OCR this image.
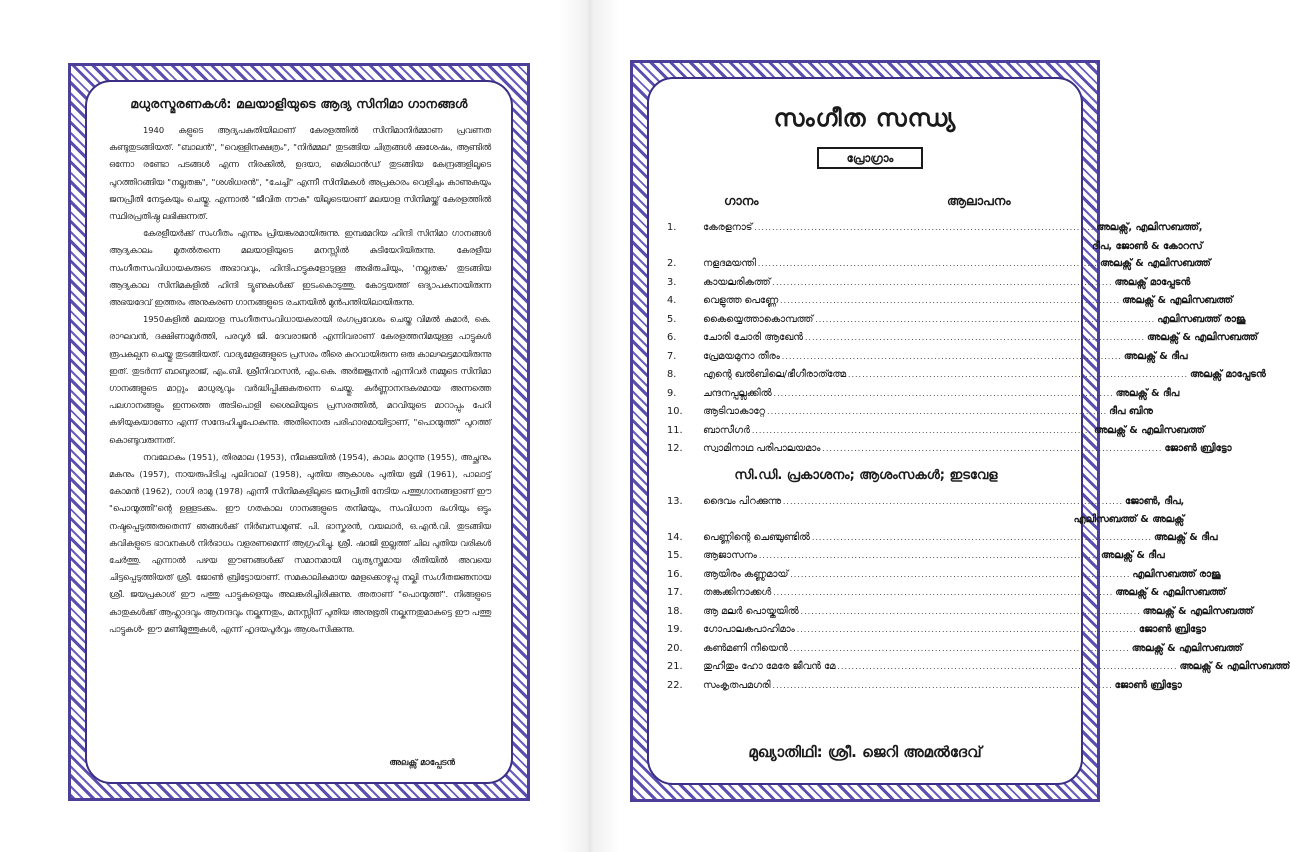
മധുരസ്മരണകൾ: മലയാളിയുടെ ആദ്യ സിനിമാ ഗാനങ്ങൾ

1940 കളുടെ ആദ്യപകുതിയിലാണ് കേരളത്തിൽ സിനിമാനിർമ്മാണ പ്രവണത കണ്ടുതുടങ്ങിയത്. "ബാലൻ", "വെള്ളിനക്ഷത്രം", "നിർമ്മല" തുടങ്ങിയ ചിത്രങ്ങൾ ക്കുശേഷം, ആണ്ടിൽ ഒന്നോ രണ്ടോ പടങ്ങൾ എന്ന നിരക്കിൽ, ഉദയാ, മെരിലാൻഡ് തുടങ്ങിയ കേന്ദ്രങ്ങളിലൂടെ പുറത്തിറങ്ങിയ "നല്ലതങ്ക", "ശശിധരൻ", "ചേച്ചി" എന്നീ സിനിമകൾ അപ്രകാരം വെളിച്ചം കാണുകയും ജനപ്രീതി നേടുകയും ചെയ്തു. എന്നാൽ "ജീവിത നൗക" യിലൂടെയാണ് മലയാള സിനിമയ്ക്ക് കേരളത്തിൽ സ്ഥിരപ്രതിഷ്ഠ ലഭിക്കുന്നത്.

കേരളീയർക്ക് സംഗീതം എന്നും പ്രിയങ്കരമായിരുന്നു. ഇമ്പമേറിയ ഹിന്ദി സിനിമാ ഗാനങ്ങൾ ആദ്യകാലം മുതൽതന്നെ മലയാളിയുടെ മനസ്സിൽ കുടിയേറിയിരുന്നു. കേരളീയ സംഗീതസംവിധായകരുടെ അഭാവവും, ഹിന്ദിപാട്ടുകളോടുള്ള അഭിരുചിയും, 'നല്ലതങ്ക' തുടങ്ങിയ ആദ്യകാല സിനിമകളിൽ ഹിന്ദി ട്യൂണുകൾക്ക് ഇടംകൊടുത്തു. കോട്ടയത്ത് ഒദ്യാപകനായിരുന്ന അഭയദേവ് ഇത്തരം അനുകരണ ഗാനങ്ങളുടെ രചനയിൽ മുൻപന്തിയിലായിരുന്നു.

1950കളിൽ മലയാള സംഗീതസംവിധായകരായി രംഗപ്രവേശം ചെയ്ത വിമൽ കുമാർ, കെ. രാഘവൻ, ദക്ഷിണാമൂർത്തി, പരവൂർ ജി. ദേവരാജൻ എന്നിവരാണ് കേരളത്തനിമയുള്ള പാട്ടുകൾ രൂപകല്പന ചെയ്തു തുടങ്ങിയത്. വാദ്യമേളങ്ങളുടെ പ്രസരം തീരെ കുറവായിരുന്ന ഒരു കാലഘട്ടമായിരുന്നു ഇത്. തുടർന്ന് ബാബുരാജ്, എം.ബി. ശ്രീനിവാസൻ, എം.കെ. അർജ്ജുനൻ എന്നിവർ നമ്മുടെ സിനിമാ ഗാനങ്ങളുടെ മാറ്റും മാധുര്യവും വർദ്ധിപ്പിക്കുകതന്നെ ചെയ്തു. കർണ്ണാനന്ദകരമായ അന്നത്തെ പലഗാനങ്ങളും ഇന്നത്തെ അടിപൊളി ശൈലിയുടെ പ്രസരത്തിൽ, മറവിയുടെ മാറാപ്പും പേറി കഴിയുകയാണോ എന്ന് സന്ദേഹിച്ചുപോകുന്നു. അതിനൊരു പരിഹാരമായിട്ടാണ്, "പൊന്മുത്ത്" പുറത്ത് കൊണ്ടുവരുന്നത്.

നവലോകം (1951), തിരമാല (1953), നീലക്കുയിൽ (1954), കാലം മാറുന്നു (1955), അച്ഛനും മകനും (1957), നായരുപിടിച്ച പുലിവാല് (1958), പുതിയ ആകാശം പുതിയ ഭൂമി (1961), പാലാട്ട് കോമൻ (1962), റാഗി രാമു (1978) എന്നീ സിനിമകളിലൂടെ ജനപ്രീതി നേടിയ പത്തുഗാനങ്ങളാണ് ഈ "പൊന്മുത്തി"ന്റെ ഉള്ളടക്കം. ഈ ഗതകാല ഗാനങ്ങളുടെ തനിമയും, സംവിധാന ഭംഗിയും ഒട്ടും നഷ്ടപ്പെടുത്തരുതെന്ന് ഞങ്ങൾക്ക് നിർബന്ധമുണ്ട്. പി. ഭാസ്കരൻ, വയലാർ, ഒ.എൻ.വി. തുടങ്ങിയ കവികളുടെ ഭാവനകൾ നിർഭാധം വളരണമെന്ന് ആഗ്രഹിച്ചു. ശ്രീ. ഷാജി ഇല്ലത്ത് ചില പുതിയ വരികൾ ചേർത്തു. എന്നാൽ പഴയ ഈണങ്ങൾക്ക് സമാനമായി വ്യത്യസ്തമായ രീതിയിൽ അവയെ ചിട്ടപ്പെടുത്തിയത് ശ്രീ. ജോൺ ബ്രിട്ടോയാണ്. സമകാലികമായ മേളക്കൊഴുപ്പു നല്കി സംഗീതജ്ഞനായ ശ്രീ. ജയപ്രകാശ് ഈ പത്തു പാട്ടുകളെയും അലങ്കരിച്ചിരിക്കുന്നു. അതാണ് "പൊന്മുത്ത്". നിങ്ങളുടെ കാതുകൾക്ക് ആഹ്ലാദവും ആനന്ദവും നല്കുന്നതും, മനസ്സിന് പുതിയ അനുഭൂതി നല്കുന്നതുമാകട്ടെ ഈ പത്തു പാട്ടുകൾ- ഈ മണിമുത്തുകൾ, എന്ന് ഹൃദയപൂർവ്വം ആശംസിക്കുന്നു.

അലക്സ് മാപ്പേടൻ
സംഗീത സന്ധ്യ
പ്രോഗ്രാം
ഗാനം	ആലാപനം
1.	കേരളനാട് ................................................................................................ അലക്സ്, എലിസബത്ത്,
ദീപ, ജോൺ & കോറസ്
2.	നളദമയന്തി ................................................................................................ അലക്സ് & എലിസബത്ത്
3.	കായലരികത്ത് ................................................................................................ അലക്സ് മാപ്പേടൻ
4.	വെളുത്ത പെണ്ണേ ................................................................................................ അലക്സ് & എലിസബത്ത്
5.	കൈയ്യെത്താകൊമ്പത്ത് ................................................................................................ എലിസബത്ത് രാജു
6.	ചോരി ചോരി ആഖേൻ ................................................................................................ അലക്സ് & എലിസബത്ത്
7.	പ്രേമയമുനാ തീരം ................................................................................................ അലക്സ് & ദീപ
8.	എന്റെ ഖൽബിലെ/ഭീഗീരാത്ത്മേ ................................................................................................ അലക്സ് മാപ്പേടൻ
9.	ചന്ദനപ്പല്ലക്കിൽ ................................................................................................ അലക്സ് & ദീപ
10.	ആടിവാകാറ്റേ ................................................................................................ ദീപ ബിനു
11.	ബാസീഗർ ................................................................................................ അലക്സ് & എലിസബത്ത്
12.	സ്വാമിനാഥ പരിപാലയമാം ................................................................................................ ജോൺ ബ്രിട്ടോ
സി.ഡി. പ്രകാശനം; ആശംസകൾ; ഇടവേള
13.	ദൈവം പിറക്കുന്നു ................................................................................................ ജോൺ, ദീപ,
എലിസബത്ത് & അലക്സ്
14.	പെണ്ണിന്റെ ചെഞ്ചുണ്ടിൽ ................................................................................................ അലക്സ് & ദീപ
15.	ആജാസനം ................................................................................................ അലക്സ് & ദീപ
16.	ആയിരം കണ്ണുമായ് ................................................................................................ എലിസബത്ത് രാജു
17.	തങ്കക്കിനാക്കൾ ................................................................................................ അലക്സ് & എലിസബത്ത്
18.	ആ മലർ പൊയ്കയിൽ ................................................................................................ അലക്സ് & എലിസബത്ത്
19.	ഗോപാലകപാഹിമാം ................................................................................................ ജോൺ ബ്രിട്ടോ
20.	കൺമണി നീയെൻ ................................................................................................ അലക്സ് & എലിസബത്ത്
21.	തുഹീതും ഹോ മേരേ ജീവൻ മേ ................................................................................................ അലക്സ് & എലിസബത്ത്
22.	സംകൃതപമഗരി ................................................................................................ ജോൺ ബ്രിട്ടോ
മുഖ്യാതിഥി: ശ്രീ. ജെറി അമൽദേവ്
